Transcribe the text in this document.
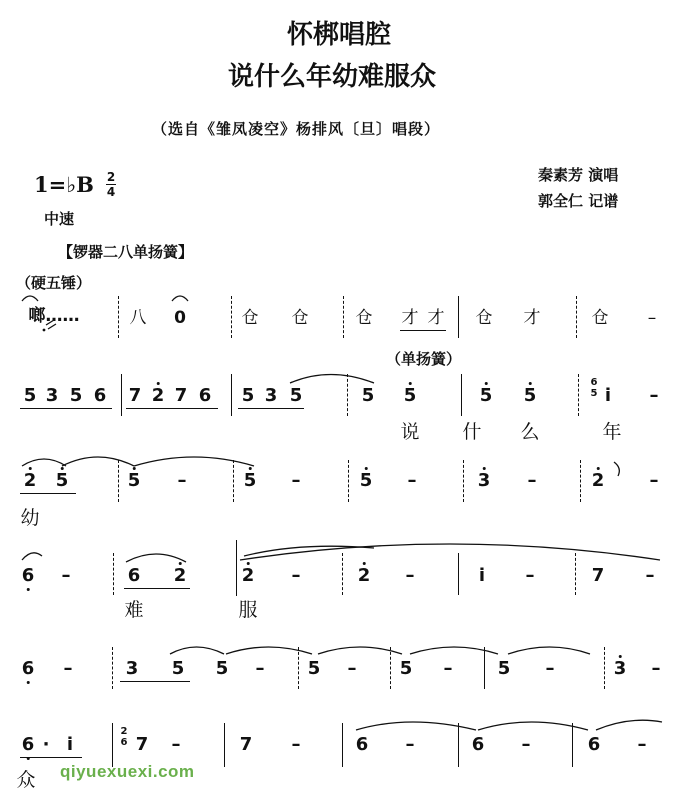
怀梆唱腔
说什么年幼难服众
（选自《雏凤凌空》杨排风〔旦〕唱段）
1=♭B 2
4
中速
秦素芳 演唱
郭全仁 记谱
【锣器二八单扬簧】
（硬五锤）
啷……	八 0	仓 仓	仓 才 才 仓 才	仓 –
（单扬簧）
5 3 5 6 7 2 7 6 5 3 5	5 5	5 5
6
5 i –
说 什 么	年
2 5	5 –	5 –	5 –	3 –	2	–
幼
6 –	6 2	2 –	2 –	i –	7 –
难	服
6 –	3 5 5 – 5 – 5 –	5 –	3 –
6 · i
2
6 7 –	7 –	6 –	6 –	6 –
众 qiyuexuexi.com
